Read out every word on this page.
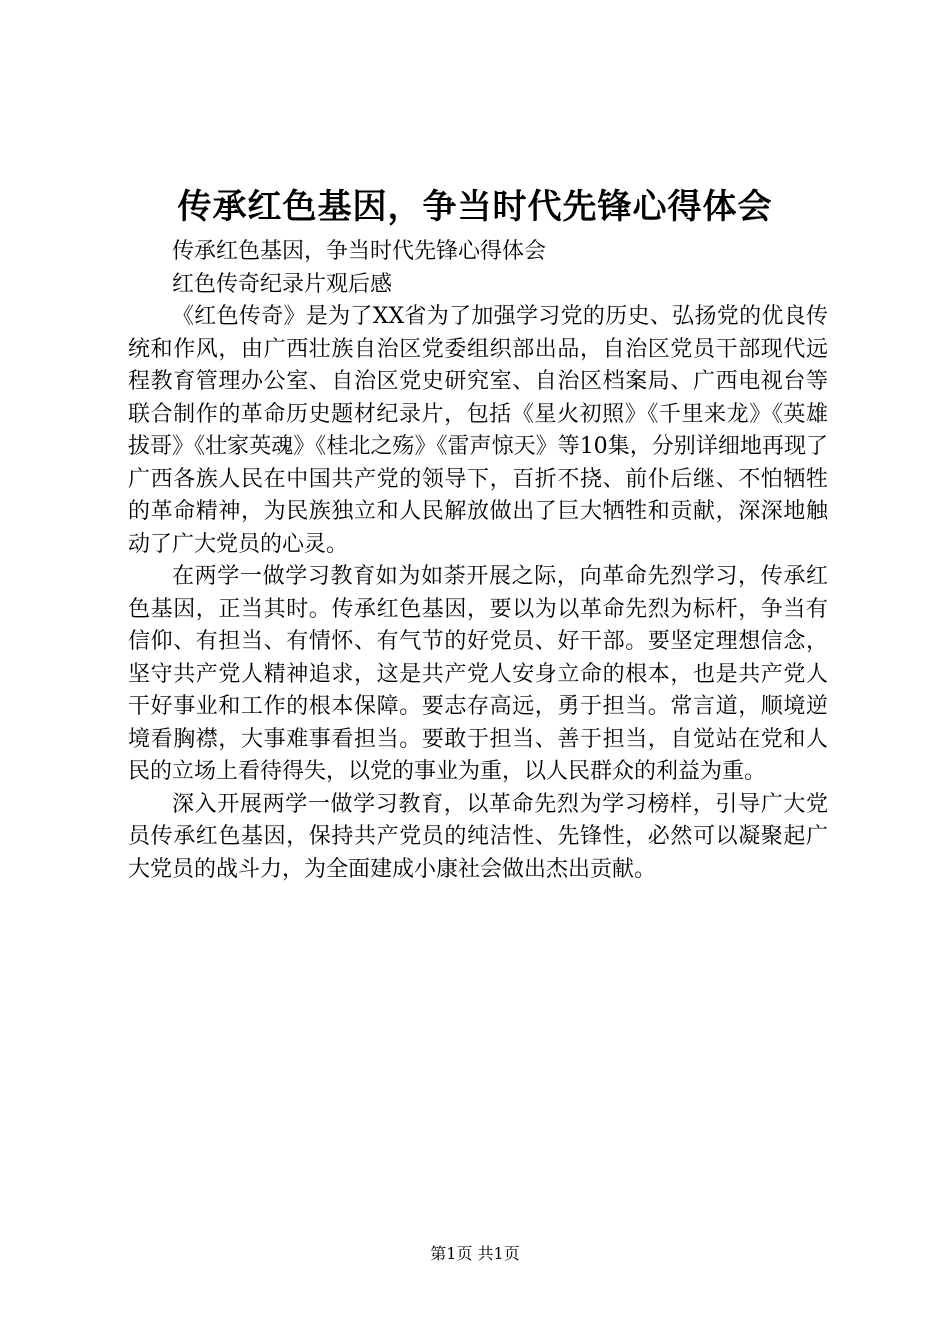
传承红色基因，争当时代先锋心得体会

传承红色基因，争当时代先锋心得体会

红色传奇纪录片观后感

《红色传奇》是为了XX省为了加强学习党的历史、弘扬党的优良传统和作风，由广西壮族自治区党委组织部出品，自治区党员干部现代远程教育管理办公室、自治区党史研究室、自治区档案局、广西电视台等联合制作的革命历史题材纪录片，包括《星火初照》《千里来龙》《英雄拔哥》《壮家英魂》《桂北之殇》《雷声惊天》等10集，分别详细地再现了广西各族人民在中国共产党的领导下，百折不挠、前仆后继、不怕牺牲的革命精神，为民族独立和人民解放做出了巨大牺牲和贡献，深深地触动了广大党员的心灵。

在两学一做学习教育如为如荼开展之际，向革命先烈学习，传承红色基因，正当其时。传承红色基因，要以为以革命先烈为标杆，争当有信仰、有担当、有情怀、有气节的好党员、好干部。要坚定理想信念，坚守共产党人精神追求，这是共产党人安身立命的根本，也是共产党人干好事业和工作的根本保障。要志存高远，勇于担当。常言道，顺境逆境看胸襟，大事难事看担当。要敢于担当、善于担当，自觉站在党和人民的立场上看待得失，以党的事业为重，以人民群众的利益为重。

深入开展两学一做学习教育，以革命先烈为学习榜样，引导广大党员传承红色基因，保持共产党员的纯洁性、先锋性，必然可以凝聚起广大党员的战斗力，为全面建成小康社会做出杰出贡献。

第1页 共1页
